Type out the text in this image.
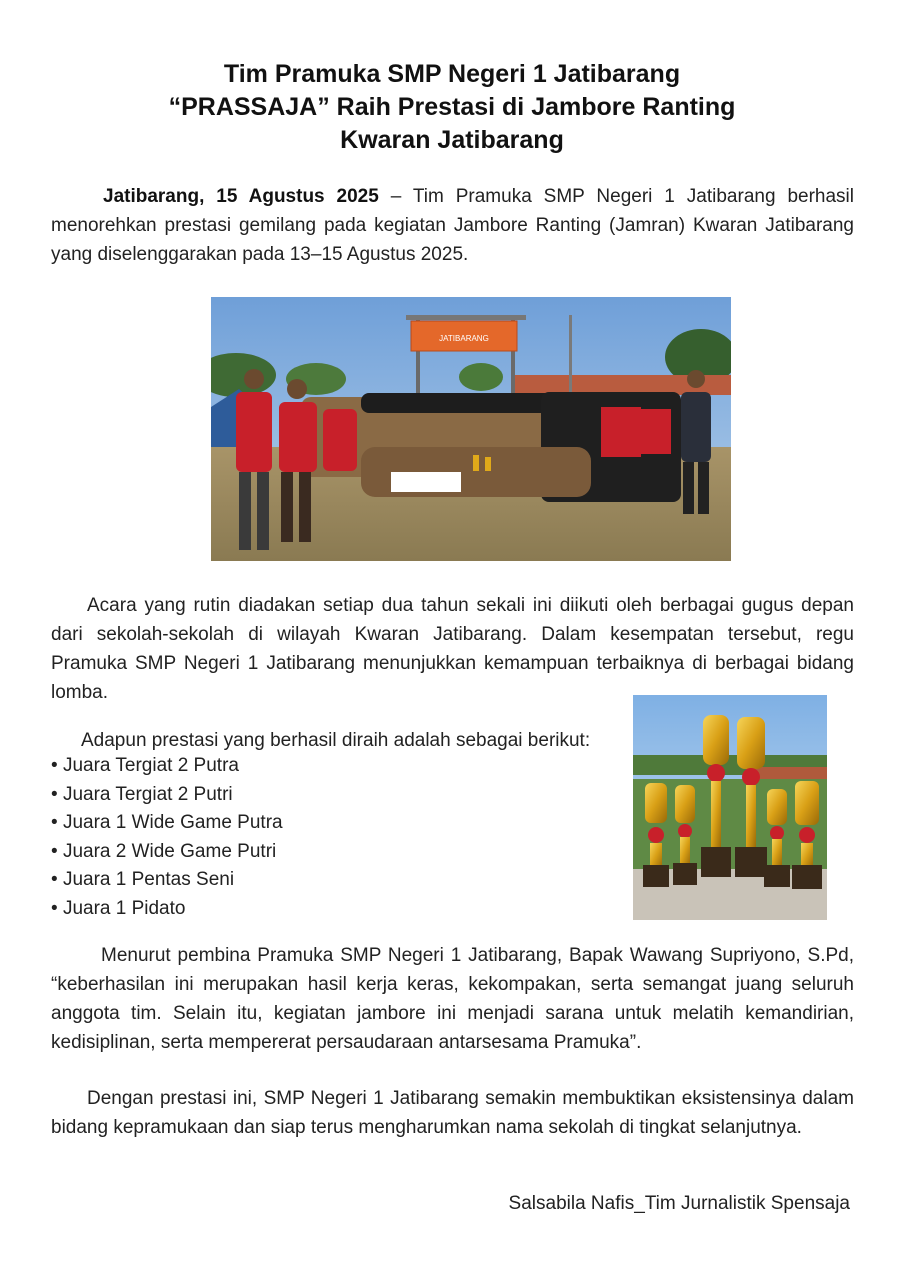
Tim Pramuka SMP Negeri 1 Jatibarang
“PRASSAJA” Raih Prestasi di Jambore Ranting
Kwaran Jatibarang

Jatibarang, 15 Agustus 2025 – Tim Pramuka SMP Negeri 1 Jatibarang berhasil menorehkan prestasi gemilang pada kegiatan Jambore Ranting (Jamran) Kwaran Jatibarang yang diselenggarakan pada 13–15 Agustus 2025.

JATIBARANG

Acara yang rutin diadakan setiap dua tahun sekali ini diikuti oleh berbagai gugus depan dari sekolah-sekolah di wilayah Kwaran Jatibarang. Dalam kesempatan tersebut, regu Pramuka SMP Negeri 1 Jatibarang menunjukkan kemampuan terbaiknya di berbagai bidang lomba.

Adapun prestasi yang berhasil diraih adalah sebagai berikut:

• Juara Tergiat 2 Putra
• Juara Tergiat 2 Putri
• Juara 1 Wide Game Putra
• Juara 2 Wide Game Putri
• Juara 1 Pentas Seni
• Juara 1 Pidato

Menurut pembina Pramuka SMP Negeri 1 Jatibarang, Bapak Wawang Supriyono, S.Pd, “keberhasilan ini merupakan hasil kerja keras, kekompakan, serta semangat juang seluruh anggota tim. Selain itu, kegiatan jambore ini menjadi sarana untuk melatih kemandirian, kedisiplinan, serta mempererat persaudaraan antarsesama Pramuka”.

Dengan prestasi ini, SMP Negeri 1 Jatibarang semakin membuktikan eksistensinya dalam bidang kepramukaan dan siap terus mengharumkan nama sekolah di tingkat selanjutnya.

Salsabila Nafis_Tim Jurnalistik Spensaja
